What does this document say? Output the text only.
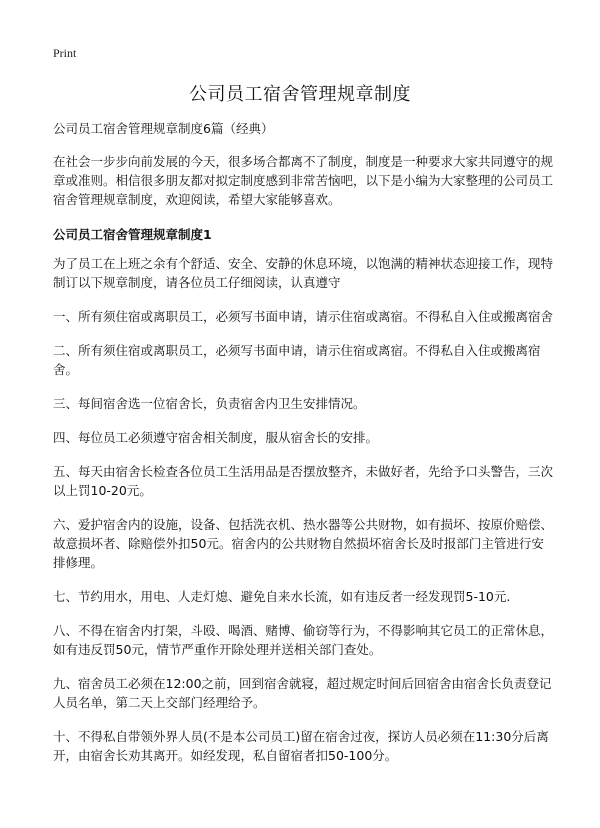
Print
公司员工宿舍管理规章制度

公司员工宿舍管理规章制度6篇（经典）

在社会一步步向前发展的今天，很多场合都离不了制度，制度是一种要求大家共同遵守的规章或准则。相信很多朋友都对拟定制度感到非常苦恼吧，以下是小编为大家整理的公司员工宿舍管理规章制度，欢迎阅读，希望大家能够喜欢。

公司员工宿舍管理规章制度1

为了员工在上班之余有个舒适、安全、安静的休息环境，以饱满的精神状态迎接工作，现特制订以下规章制度，请各位员工仔细阅读，认真遵守

一、所有须住宿或离职员工，必须写书面申请，请示住宿或离宿。不得私自入住或搬离宿舍

二、所有须住宿或离职员工，必须写书面申请，请示住宿或离宿。不得私自入住或搬离宿舍。

三、每间宿舍选一位宿舍长，负责宿舍内卫生安排情况。

四、每位员工必须遵守宿舍相关制度，服从宿舍长的安排。

五、每天由宿舍长检查各位员工生活用品是否摆放整齐，未做好者，先给予口头警告，三次以上罚10-20元。

六、爱护宿舍内的设施，设备、包括洗衣机、热水器等公共财物，如有损坏、按原价赔偿、故意损坏者、除赔偿外扣50元。宿舍内的公共财物自然损坏宿舍长及时报部门主管进行安排修理。

七、节约用水，用电、人走灯熄、避免自来水长流，如有违反者一经发现罚5-10元.

八、不得在宿舍内打架，斗殴、喝酒、赌博、偷窃等行为，不得影响其它员工的正常休息，如有违反罚50元，情节严重作开除处理并送相关部门查处。

九、宿舍员工必须在12:00之前，回到宿舍就寝，超过规定时间后回宿舍由宿舍长负责登记人员名单，第二天上交部门经理给予。

十、不得私自带领外界人员(不是本公司员工)留在宿舍过夜，探访人员必须在11:30分后离开，由宿舍长劝其离开。如经发现，私自留宿者扣50-100分。
